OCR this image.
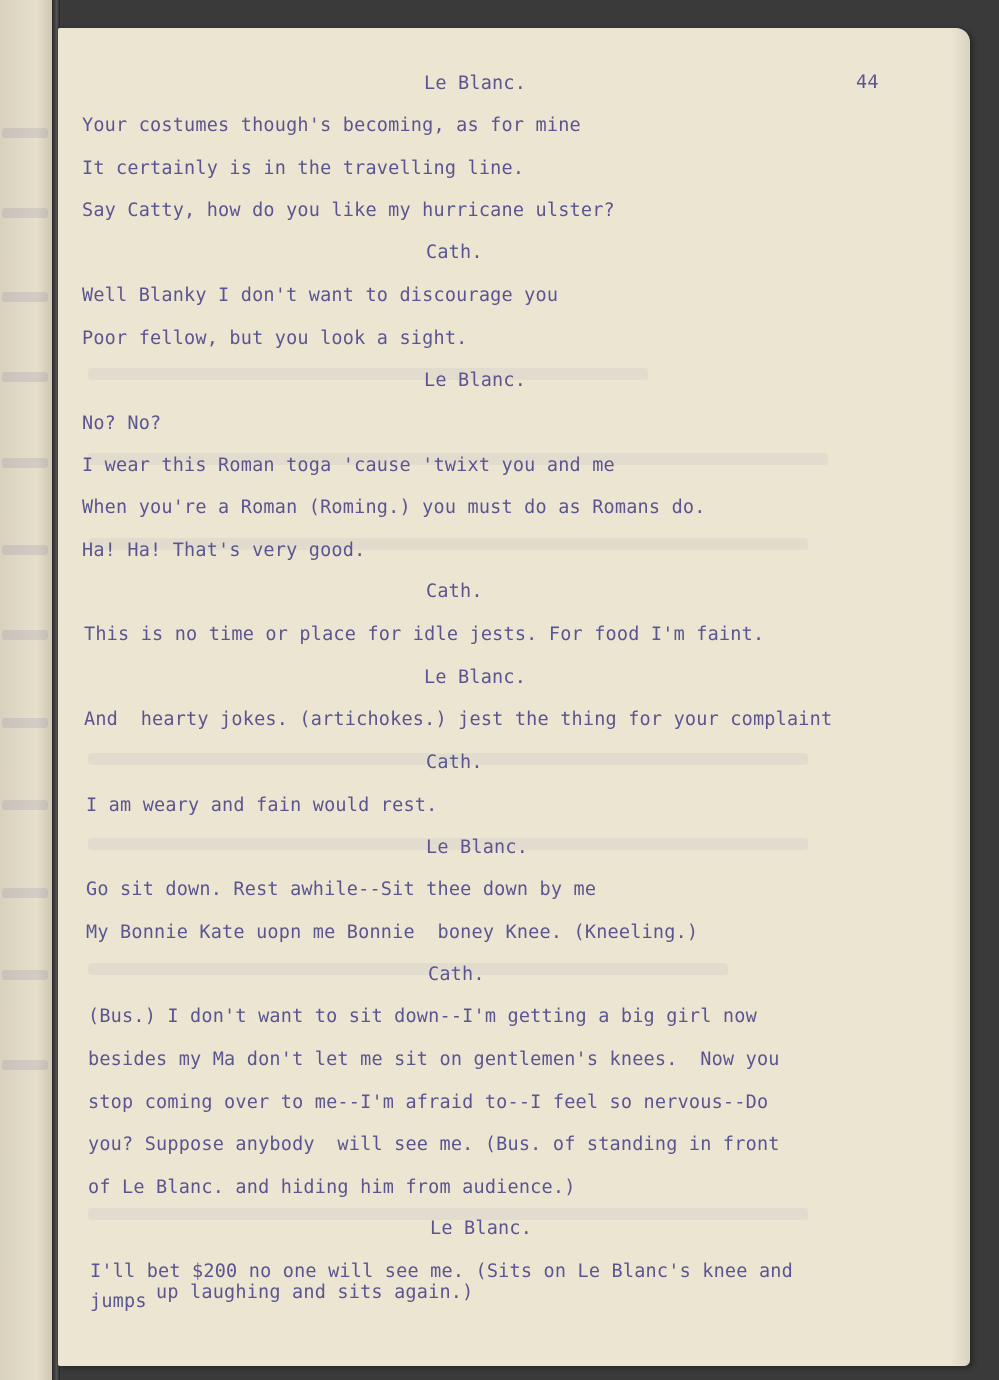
Le Blanc.	44
Your costumes though's becoming, as for mine
It certainly is in the travelling line.
Say Catty, how do you like my hurricane ulster?
Cath.
Well Blanky I don't want to discourage you
Poor fellow, but you look a sight.
Le Blanc.
No? No?
I wear this Roman toga 'cause 'twixt you and me
When you're a Roman (Roming.) you must do as Romans do.
Ha! Ha! That's very good.
Cath.
This is no time or place for idle jests. For food I'm faint.
Le Blanc.
And  hearty jokes. (artichokes.) jest the thing for your complaint
Cath.
I am weary and fain would rest.
Le Blanc.
Go sit down. Rest awhile--Sit thee down by me
My Bonnie Kate uopn me Bonnie  boney Knee. (Kneeling.)
Cath.
(Bus.) I don't want to sit down--I'm getting a big girl now
besides my Ma don't let me sit on gentlemen's knees.  Now you
stop coming over to me--I'm afraid to--I feel so nervous--Do
you? Suppose anybody  will see me. (Bus. of standing in front
of Le Blanc. and hiding him from audience.)
Le Blanc.
I'll bet $200 no one will see me. (Sits on Le Blanc's knee and
jumps up laughing and sits again.)
